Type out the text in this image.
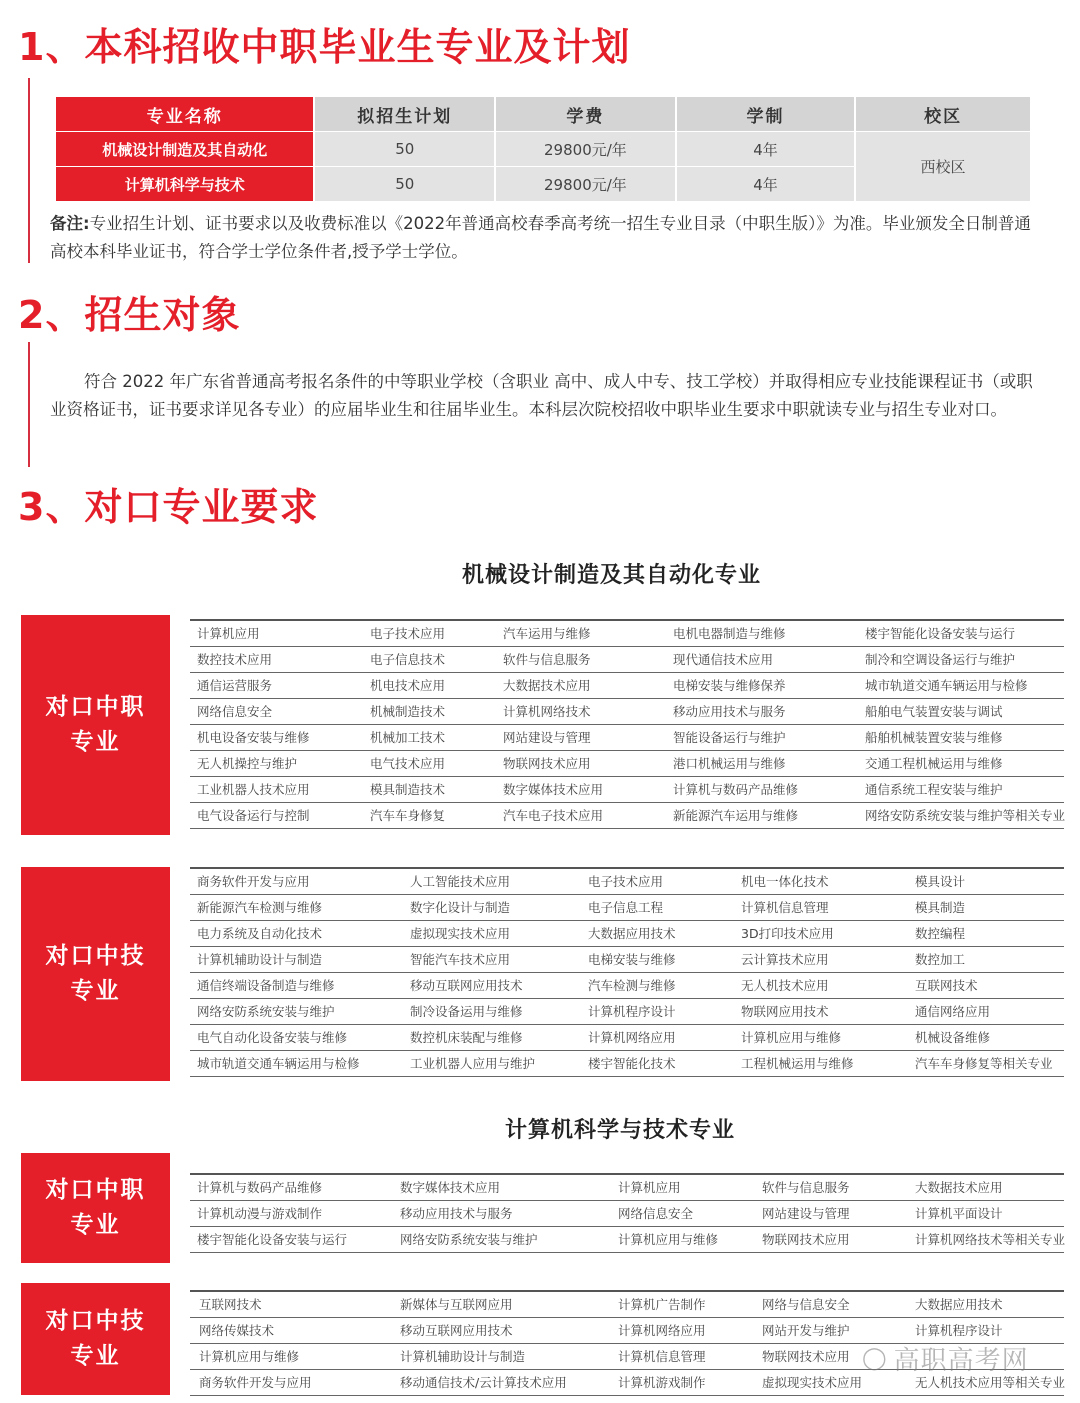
1、本科招收中职毕业生专业及计划
专业名称	拟招生计划	学费	学制	校区
机械设计制造及其自动化	50	29800元/年	4年
计算机科学与技术	50	29800元/年	4年
西校区
备注:专业招生计划、证书要求以及收费标准以《2022年普通高校春季高考统一招生专业目录（中职生版）》为准。毕业颁发全日制普通高校本科毕业证书，符合学士学位条件者,授予学士学位。
2、招生对象
符合 2022 年广东省普通高考报名条件的中等职业学校（含职业 高中、成人中专、技工学校）并取得相应专业技能课程证书（或职 业资格证书，证书要求详见各专业）的应届毕业生和往届毕业生。本科层次院校招收中职毕业生要求中职就读专业与招生专业对口。
3、对口专业要求
机械设计制造及其自动化专业
对口中职
专业
计算机应用	电子技术应用	汽车运用与维修	电机电器制造与维修	楼宇智能化设备安装与运行
数控技术应用	电子信息技术	软件与信息服务	现代通信技术应用	制冷和空调设备运行与维护
通信运营服务	机电技术应用	大数据技术应用	电梯安装与维修保养	城市轨道交通车辆运用与检修
网络信息安全	机械制造技术	计算机网络技术	移动应用技术与服务	船舶电气装置安装与调试
机电设备安装与维修	机械加工技术	网站建设与管理	智能设备运行与维护	船舶机械装置安装与维修
无人机操控与维护	电气技术应用	物联网技术应用	港口机械运用与维修	交通工程机械运用与维修
工业机器人技术应用	模具制造技术	数字媒体技术应用	计算机与数码产品维修	通信系统工程安装与维护
电气设备运行与控制	汽车车身修复	汽车电子技术应用	新能源汽车运用与维修	网络安防系统安装与维护等相关专业
对口中技
专业
商务软件开发与应用	人工智能技术应用	电子技术应用	机电一体化技术	模具设计
新能源汽车检测与维修	数字化设计与制造	电子信息工程	计算机信息管理	模具制造
电力系统及自动化技术	虚拟现实技术应用	大数据应用技术	3D打印技术应用	数控编程
计算机辅助设计与制造	智能汽车技术应用	电梯安装与维修	云计算技术应用	数控加工
通信终端设备制造与维修	移动互联网应用技术	汽车检测与维修	无人机技术应用	互联网技术
网络安防系统安装与维护	制冷设备运用与维修	计算机程序设计	物联网应用技术	通信网络应用
电气自动化设备安装与维修	数控机床装配与维修	计算机网络应用	计算机应用与维修	机械设备维修
城市轨道交通车辆运用与检修	工业机器人应用与维护	楼宇智能化技术	工程机械运用与维修	汽车车身修复等相关专业
对口中职
专业
计算机与数码产品维修	数字媒体技术应用	计算机应用	软件与信息服务	大数据技术应用
计算机动漫与游戏制作	移动应用技术与服务	网络信息安全	网站建设与管理	计算机平面设计
楼宇智能化设备安装与运行	网络安防系统安装与维护	计算机应用与维修	物联网技术应用	计算机网络技术等相关专业
对口中技
专业
互联网技术	新媒体与互联网应用	计算机广告制作	网络与信息安全	大数据应用技术
网络传媒技术	移动互联网应用技术	计算机网络应用	网站开发与维护	计算机程序设计
计算机应用与维修	计算机辅助设计与制造	计算机信息管理	物联网技术应用
商务软件开发与应用	移动通信技术/云计算技术应用	计算机游戏制作	虚拟现实技术应用	无人机技术应用等相关专业
计算机科学与技术专业
◯ 高职高考网
